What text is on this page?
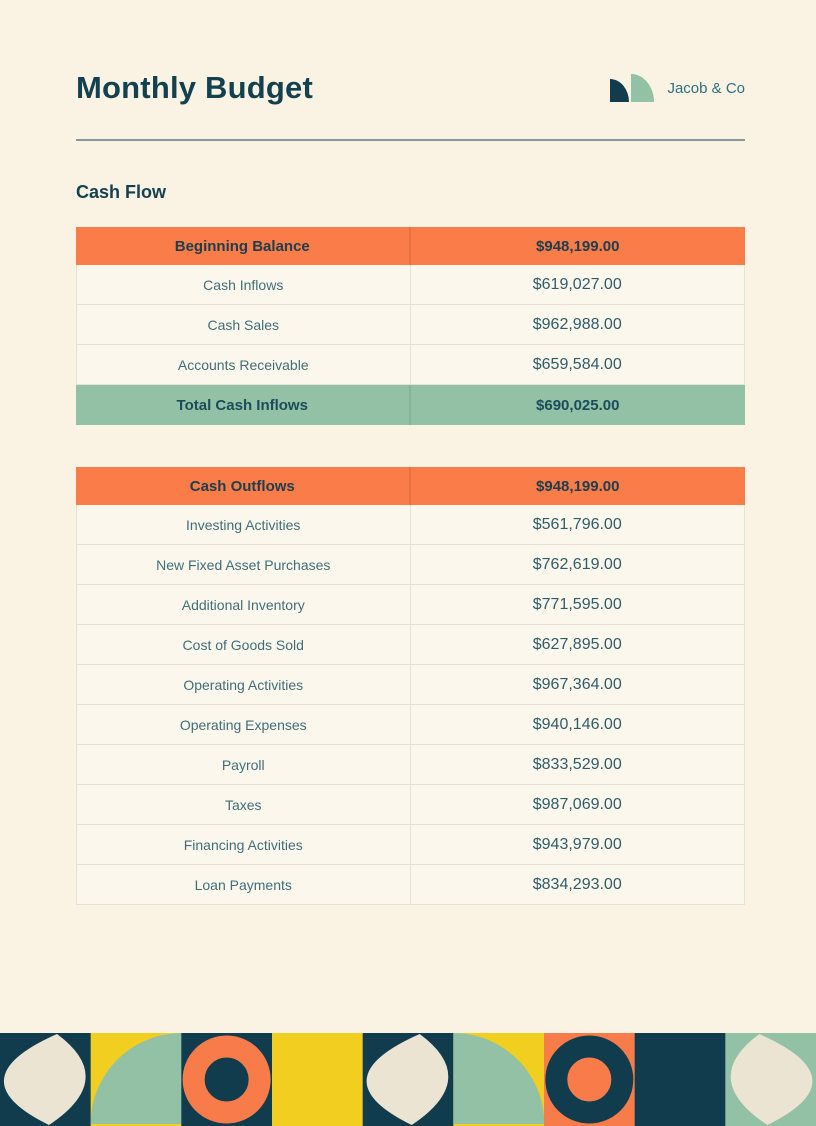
Monthly Budget	Jacob & Co
Cash Flow
Beginning Balance	$948,199.00
Cash Inflows	$619,027.00
Cash Sales	$962,988.00
Accounts Receivable	$659,584.00
Total Cash Inflows	$690,025.00
Cash Outflows	$948,199.00
Investing Activities	$561,796.00
New Fixed Asset Purchases	$762,619.00
Additional Inventory	$771,595.00
Cost of Goods Sold	$627,895.00
Operating Activities	$967,364.00
Operating Expenses	$940,146.00
Payroll	$833,529.00
Taxes	$987,069.00
Financing Activities	$943,979.00
Loan Payments	$834,293.00
